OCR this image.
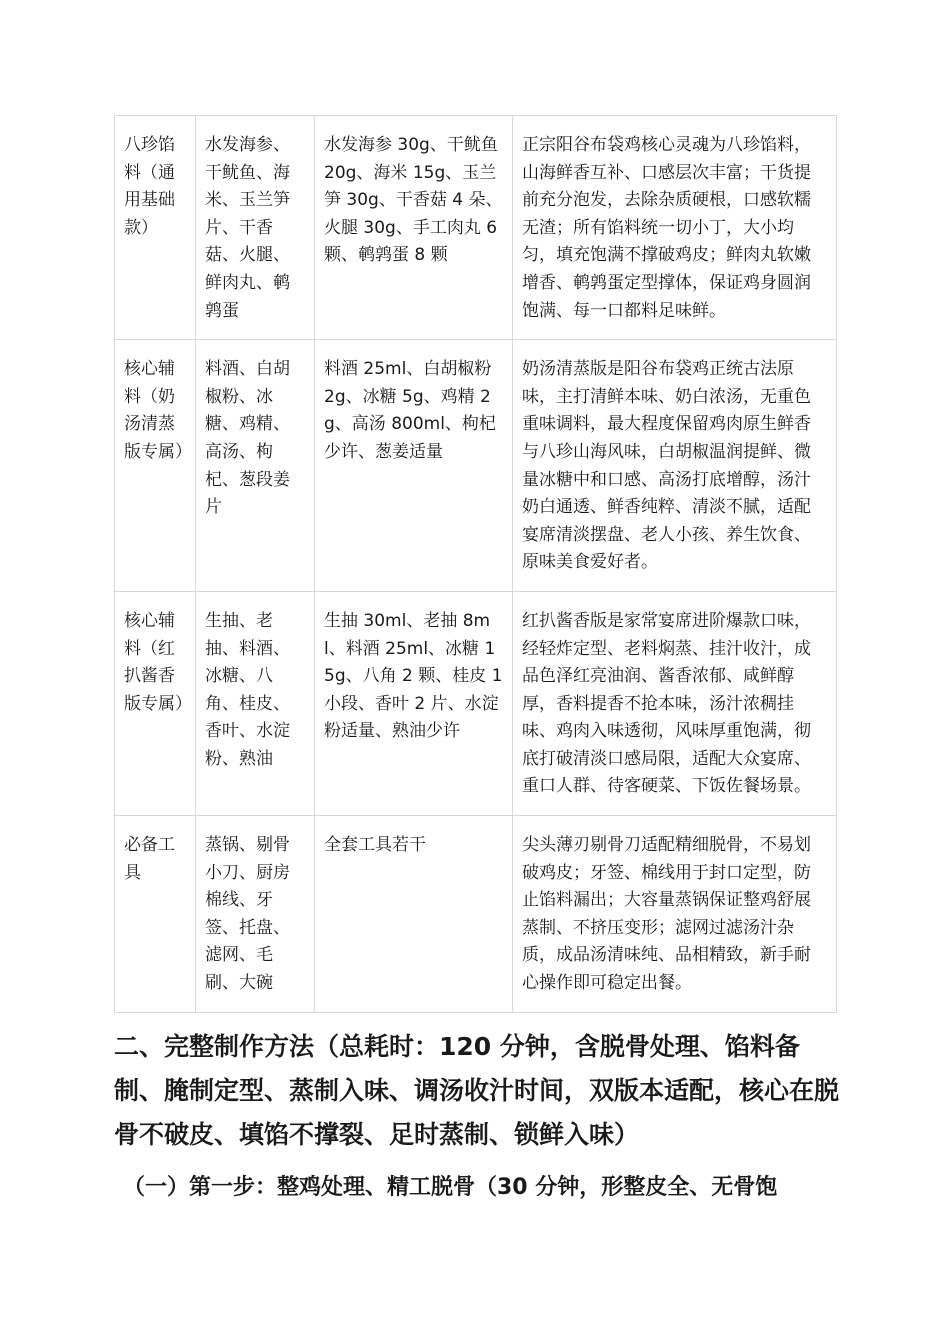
八珍馅料（通用基础款）	水发海参、干鱿鱼、海米、玉兰笋片、干香菇、火腿、鲜肉丸、鹌鹑蛋	水发海参 30g、干鱿鱼 20g、海米 15g、玉兰笋 30g、干香菇 4 朵、火腿 30g、手工肉丸 6 颗、鹌鹑蛋 8 颗	正宗阳谷布袋鸡核心灵魂为八珍馅料，山海鲜香互补、口感层次丰富；干货提前充分泡发，去除杂质硬根，口感软糯无渣；所有馅料统一切小丁，大小均匀，填充饱满不撑破鸡皮；鲜肉丸软嫩增香、鹌鹑蛋定型撑体，保证鸡身圆润饱满、每一口都料足味鲜。
核心辅料（奶汤清蒸版专属）	料酒、白胡椒粉、冰糖、鸡精、高汤、枸杞、葱段姜片	料酒 25ml、白胡椒粉 2g、冰糖 5g、鸡精 2g、高汤 800ml、枸杞少许、葱姜适量	奶汤清蒸版是阳谷布袋鸡正统古法原味，主打清鲜本味、奶白浓汤，无重色重味调料，最大程度保留鸡肉原生鲜香与八珍山海风味，白胡椒温润提鲜、微量冰糖中和口感、高汤打底增醇，汤汁奶白通透、鲜香纯粹、清淡不腻，适配宴席清淡摆盘、老人小孩、养生饮食、原味美食爱好者。
核心辅料（红扒酱香版专属）	生抽、老抽、料酒、冰糖、八角、桂皮、香叶、水淀粉、熟油	生抽 30ml、老抽 8ml、料酒 25ml、冰糖 15g、八角 2 颗、桂皮 1 小段、香叶 2 片、水淀粉适量、熟油少许	红扒酱香版是家常宴席进阶爆款口味，经轻炸定型、老料焖蒸、挂汁收汁，成品色泽红亮油润、酱香浓郁、咸鲜醇厚，香料提香不抢本味，汤汁浓稠挂味、鸡肉入味透彻，风味厚重饱满，彻底打破清淡口感局限，适配大众宴席、重口人群、待客硬菜、下饭佐餐场景。
必备工具	蒸锅、剔骨小刀、厨房棉线、牙签、托盘、滤网、毛刷、大碗	全套工具若干	尖头薄刃剔骨刀适配精细脱骨，不易划破鸡皮；牙签、棉线用于封口定型，防止馅料漏出；大容量蒸锅保证整鸡舒展蒸制、不挤压变形；滤网过滤汤汁杂质，成品汤清味纯、品相精致，新手耐心操作即可稳定出餐。
二、完整制作方法（总耗时：120 分钟，含脱骨处理、馅料备制、腌制定型、蒸制入味、调汤收汁时间，双版本适配，核心在脱骨不破皮、填馅不撑裂、足时蒸制、锁鲜入味）
（一）第一步：整鸡处理、精工脱骨（30 分钟，形整皮全、无骨饱
